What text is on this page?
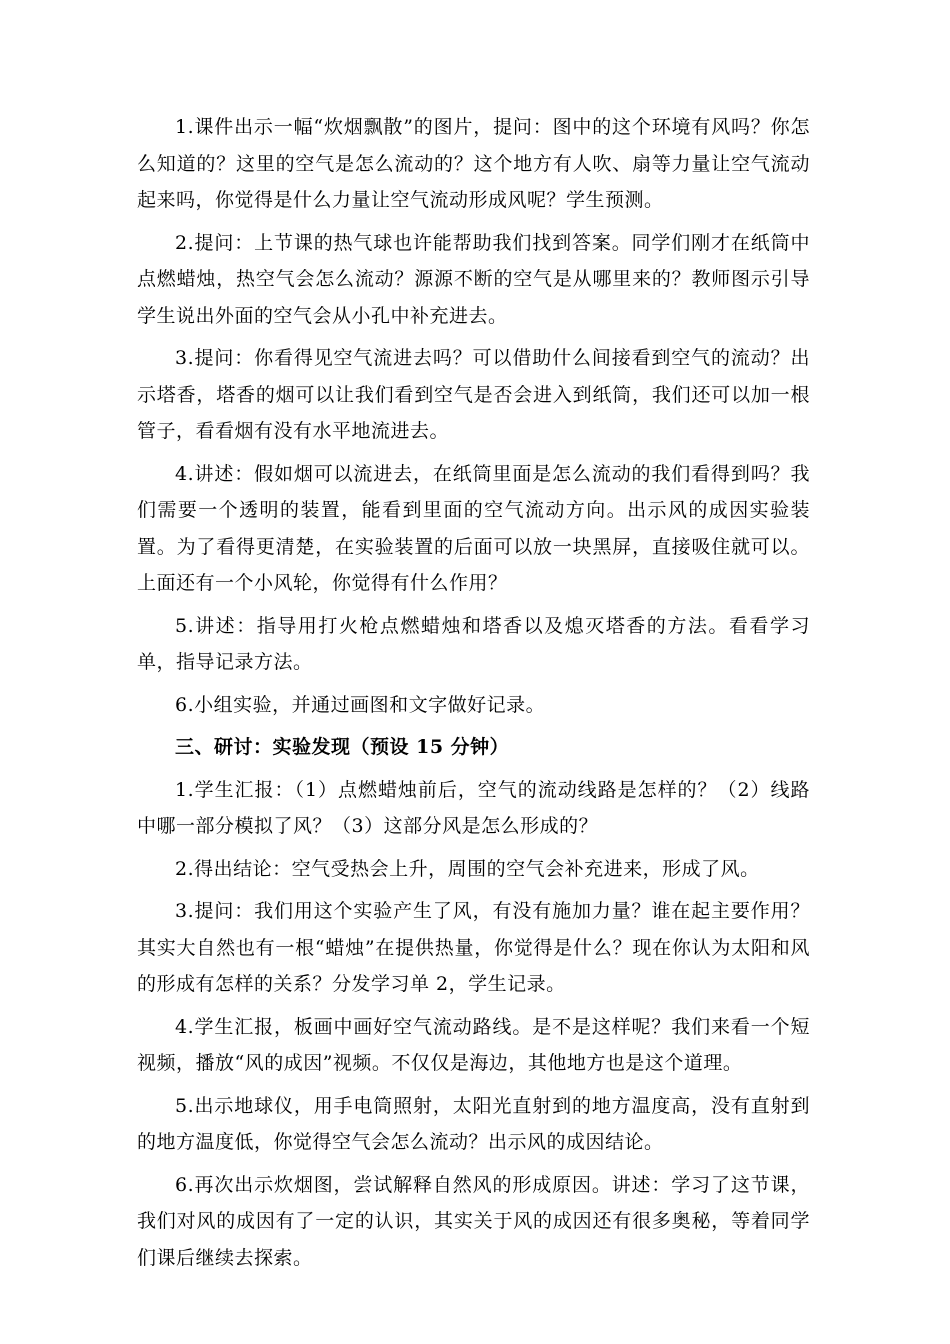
1.课件出示一幅“炊烟飘散”的图片，提问：图中的这个环境有风吗？你怎么知道的？这里的空气是怎么流动的？这个地方有人吹、扇等力量让空气流动起来吗，你觉得是什么力量让空气流动形成风呢？学生预测。

2.提问：上节课的热气球也许能帮助我们找到答案。同学们刚才在纸筒中点燃蜡烛，热空气会怎么流动？源源不断的空气是从哪里来的？教师图示引导学生说出外面的空气会从小孔中补充进去。

3.提问：你看得见空气流进去吗？可以借助什么间接看到空气的流动？出示塔香，塔香的烟可以让我们看到空气是否会进入到纸筒，我们还可以加一根管子，看看烟有没有水平地流进去。

4.讲述：假如烟可以流进去，在纸筒里面是怎么流动的我们看得到吗？我们需要一个透明的装置，能看到里面的空气流动方向。出示风的成因实验装置。为了看得更清楚，在实验装置的后面可以放一块黑屏，直接吸住就可以。上面还有一个小风轮，你觉得有什么作用？

5.讲述：指导用打火枪点燃蜡烛和塔香以及熄灭塔香的方法。看看学习单，指导记录方法。

6.小组实验，并通过画图和文字做好记录。

三、研讨：实验发现（预设 15 分钟）

1.学生汇报：（1）点燃蜡烛前后，空气的流动线路是怎样的？（2）线路中哪一部分模拟了风？（3）这部分风是怎么形成的？

2.得出结论：空气受热会上升，周围的空气会补充进来，形成了风。

3.提问：我们用这个实验产生了风，有没有施加力量？谁在起主要作用？其实大自然也有一根“蜡烛”在提供热量，你觉得是什么？现在你认为太阳和风的形成有怎样的关系？分发学习单 2，学生记录。

4.学生汇报，板画中画好空气流动路线。是不是这样呢？我们来看一个短视频，播放“风的成因”视频。不仅仅是海边，其他地方也是这个道理。

5.出示地球仪，用手电筒照射，太阳光直射到的地方温度高，没有直射到的地方温度低，你觉得空气会怎么流动？出示风的成因结论。

6.再次出示炊烟图，尝试解释自然风的形成原因。讲述：学习了这节课，我们对风的成因有了一定的认识，其实关于风的成因还有很多奥秘，等着同学们课后继续去探索。
